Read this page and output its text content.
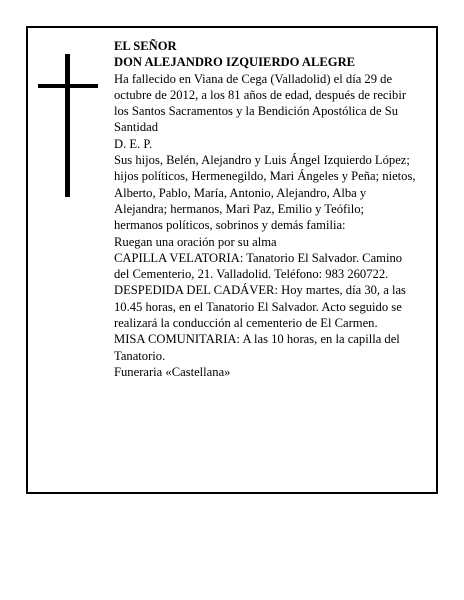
EL SEÑOR

DON ALEJANDRO IZQUIERDO ALEGRE

Ha fallecido en Viana de Cega (Valladolid) el día 29 de octubre de 2012, a los 81 años de edad, después de recibir los Santos Sacramentos y la Bendición Apostólica de Su Santidad

D. E. P.

Sus hijos, Belén, Alejandro y Luis Ángel Izquierdo López; hijos políticos, Hermenegildo, Mari Ángeles y Peña; nietos, Alberto, Pablo, María, Antonio, Alejandro, Alba y Alejandra; hermanos, Mari Paz, Emilio y Teófilo; hermanos políticos, sobrinos y demás familia:

Ruegan una oración por su alma

CAPILLA VELATORIA: Tanatorio El Salvador. Camino del Cementerio, 21. Valladolid. Teléfono: 983 260722.

DESPEDIDA DEL CADÁVER: Hoy martes, día 30, a las 10.45 horas, en el Tanatorio El Salvador. Acto seguido se realizará la conducción al cementerio de El Carmen.

MISA COMUNITARIA: A las 10 horas, en la capilla del Tanatorio.

Funeraria «Castellana»
